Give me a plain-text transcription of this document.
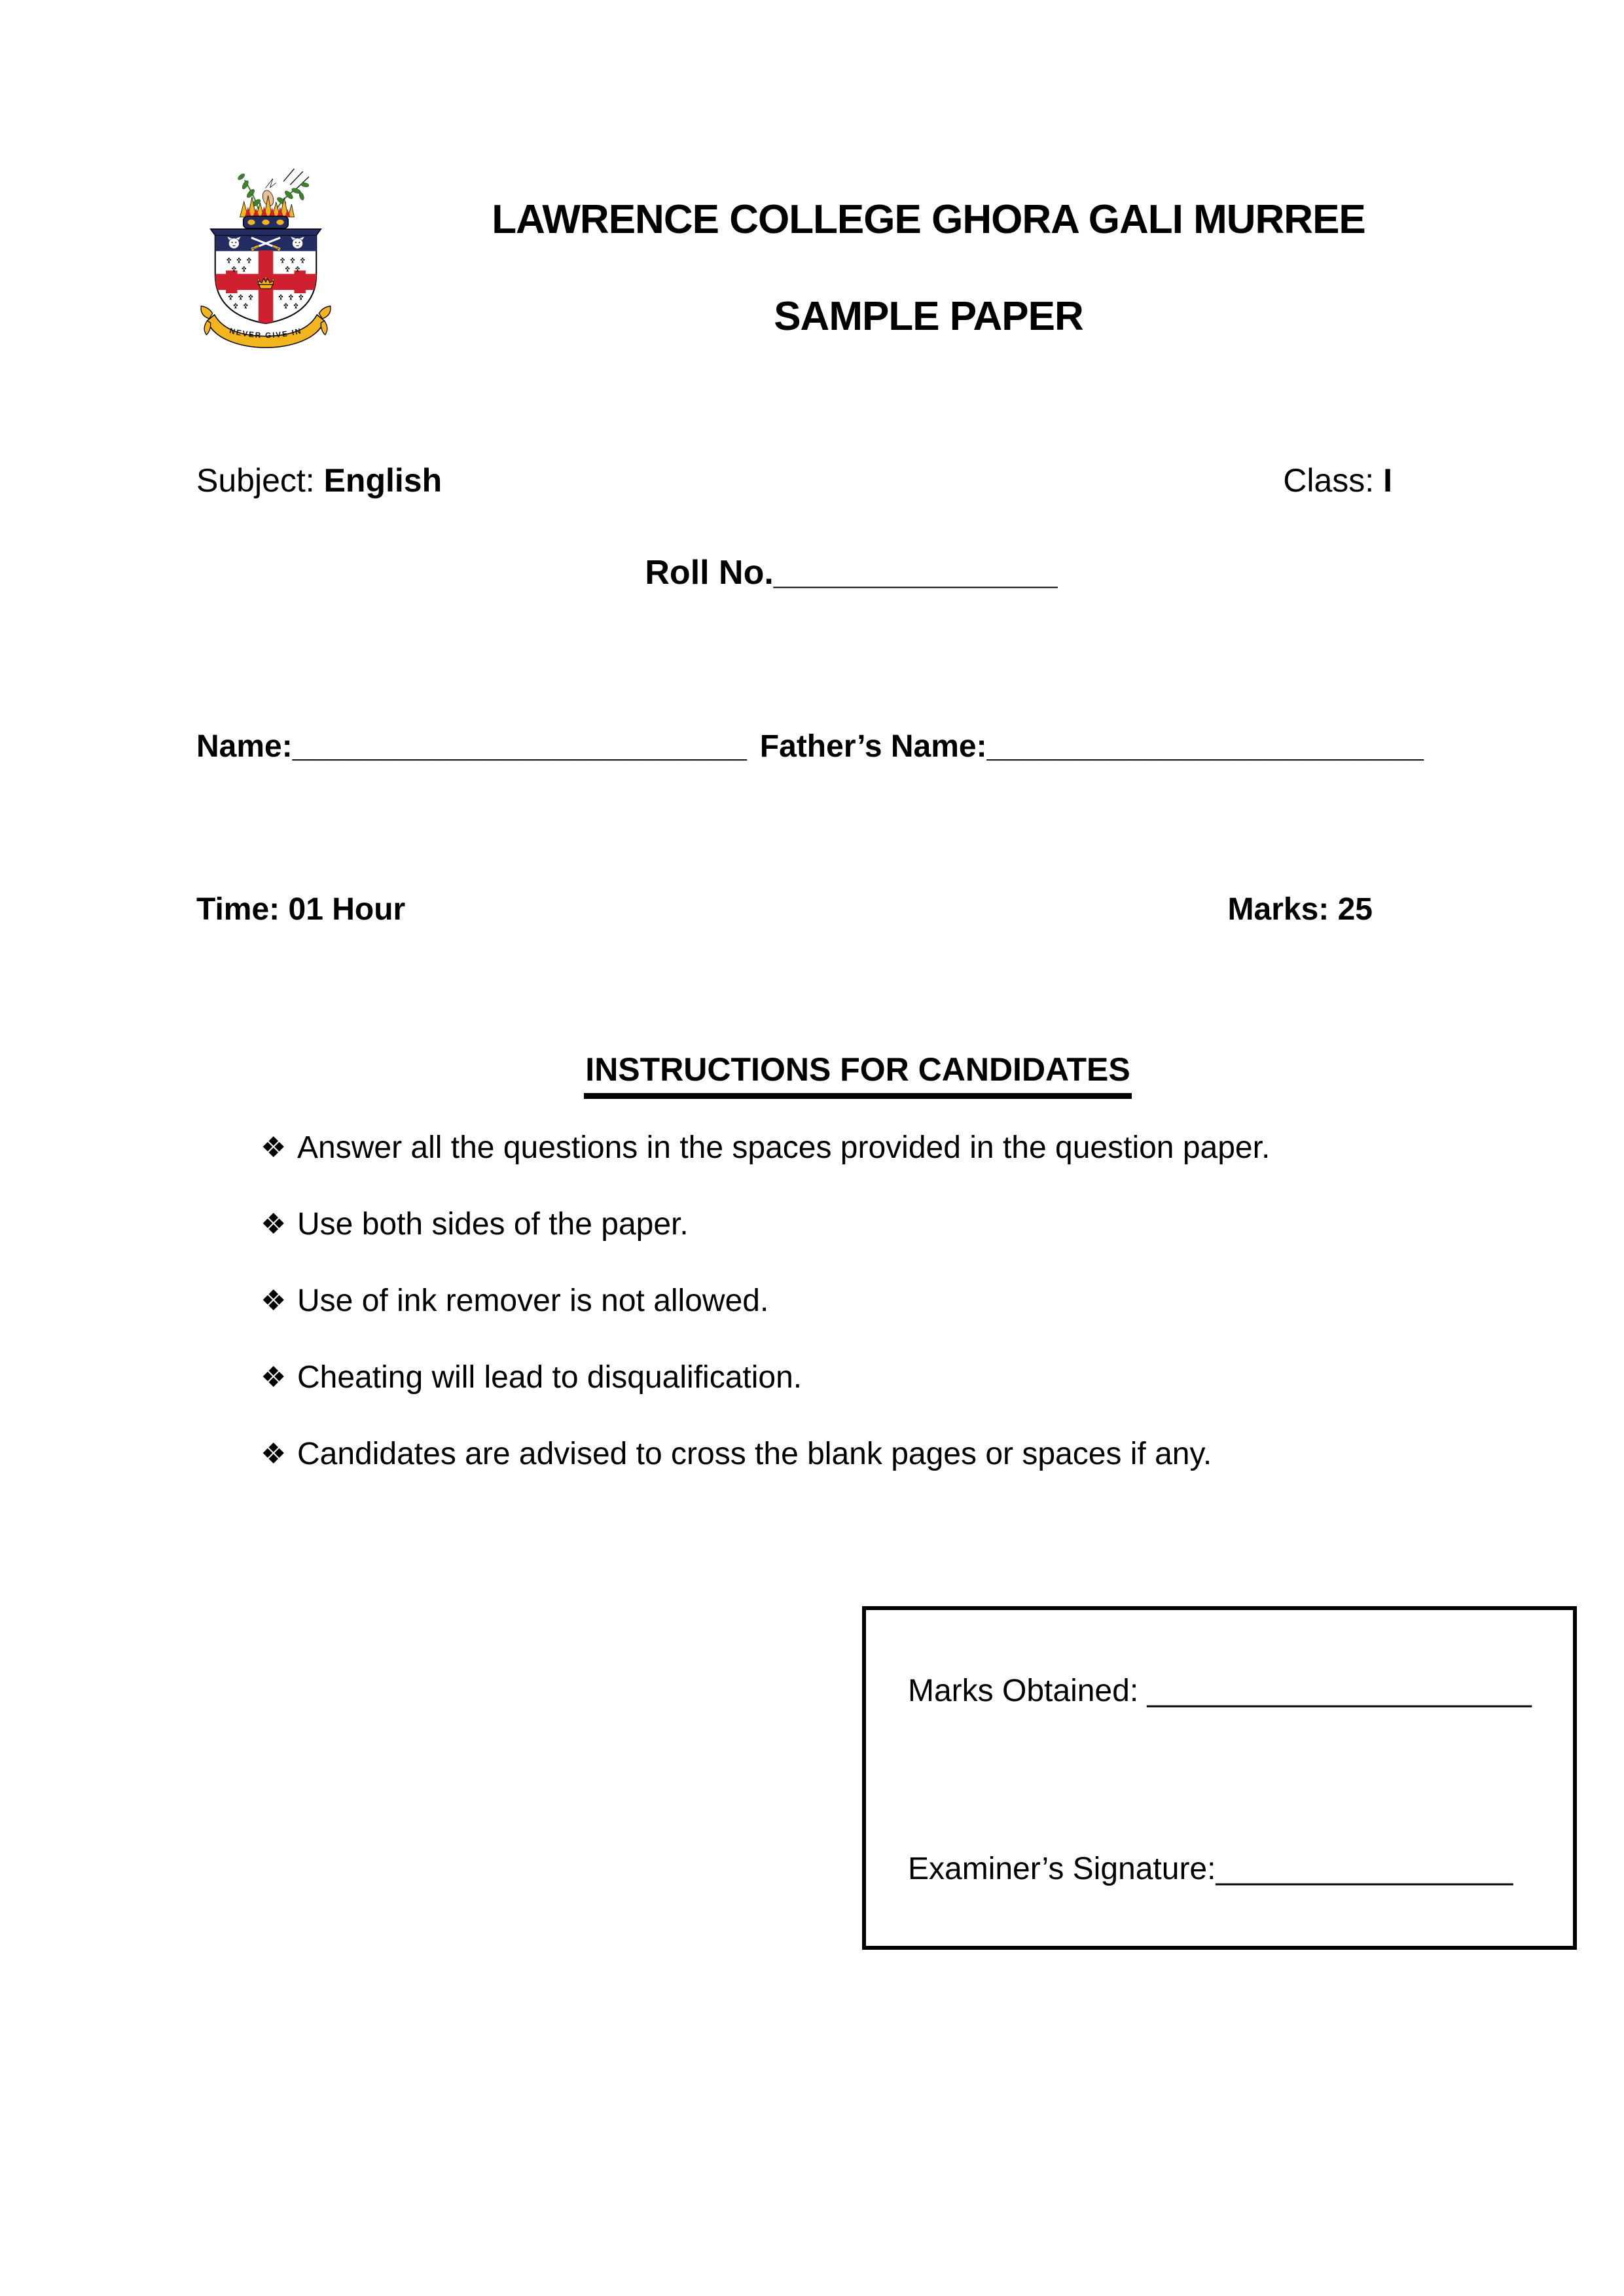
NEVER GIVE IN
LAWRENCE COLLEGE GHORA GALI MURREE
SAMPLE PAPER
Subject: English	Class: I
Roll No._______________
Name:__________________________ Father’s Name:_________________________
Time: 01 Hour	Marks: 25
INSTRUCTIONS FOR CANDIDATES
❖ Answer all the questions in the spaces provided in the question paper.
❖ Use both sides of the paper.
❖ Use of ink remover is not allowed.
❖ Cheating will lead to disqualification.
❖ Candidates are advised to cross the blank pages or spaces if any.
Marks Obtained: ______________________
Examiner’s Signature:_________________
